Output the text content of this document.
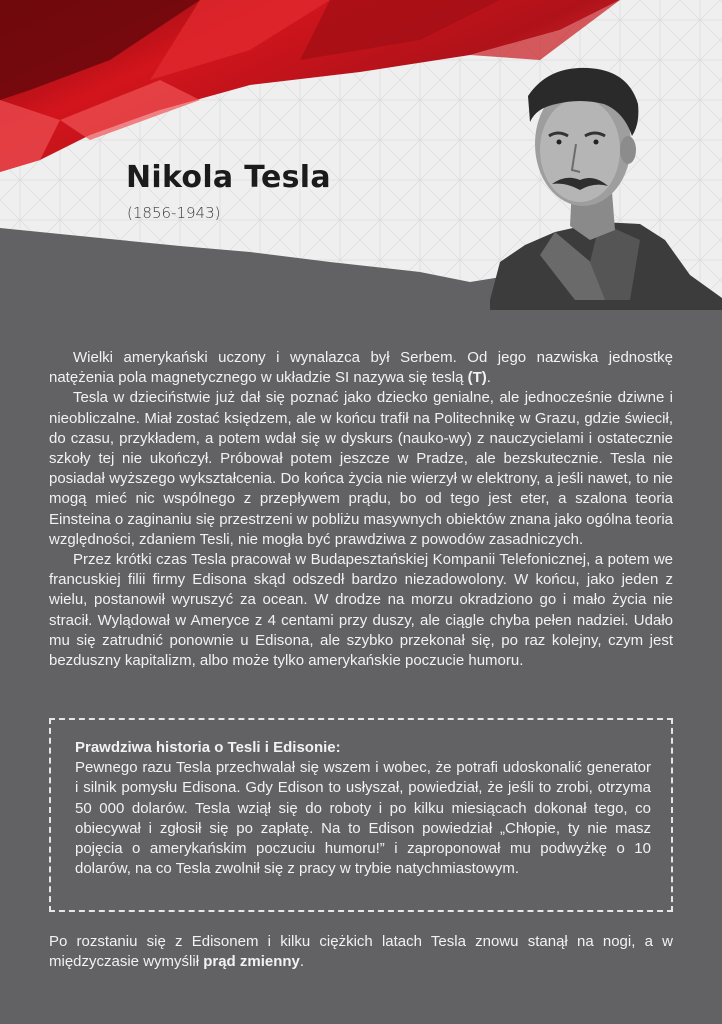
Nikola Tesla
(1856-1943)

Wielki amerykański uczony i wynalazca był Serbem. Od jego nazwiska jednostkę natężenia pola magnetycznego w układzie SI nazywa się teslą (T).

Tesla w dzieciństwie już dał się poznać jako dziecko genialne, ale jednocześnie dziwne i nieobliczalne. Miał zostać księdzem, ale w końcu trafił na Politechnikę w Grazu, gdzie świecił, do czasu, przykładem, a potem wdał się w dyskurs (nauko-wy) z nauczycielami i ostatecznie szkoły tej nie ukończył. Próbował potem jeszcze w Pradze, ale bezskutecznie. Tesla nie posiadał wyższego wykształcenia. Do końca życia nie wierzył w elektrony, a jeśli nawet, to nie mogą mieć nic wspólnego z przepływem prądu, bo od tego jest eter, a szalona teoria Einsteina o zaginaniu się przestrzeni w pobliżu masywnych obiektów znana jako ogólna teoria względności, zdaniem Tesli, nie mogła być prawdziwa z powodów zasadniczych.

Przez krótki czas Tesla pracował w Budapesztańskiej Kompanii Telefonicznej, a potem we francuskiej filii firmy Edisona skąd odszedł bardzo niezadowolony. W końcu, jako jeden z wielu, postanowił wyruszyć za ocean. W drodze na morzu okradziono go i mało życia nie stracił. Wylądował w Ameryce z 4 centami przy duszy, ale ciągle chyba pełen nadziei. Udało mu się zatrudnić ponownie u Edisona, ale szybko przekonał się, po raz kolejny, czym jest bezduszny kapitalizm, albo może tylko amerykańskie poczucie humoru.

Prawdziwa historia o Tesli i Edisonie:

Pewnego razu Tesla przechwalał się wszem i wobec, że potrafi udoskonalić generator i silnik pomysłu Edisona. Gdy Edison to usłyszał, powiedział, że jeśli to zrobi, otrzyma 50 000 dolarów. Tesla wziął się do roboty i po kilku miesiącach dokonał tego, co obiecywał i zgłosił się po zapłatę. Na to Edison powiedział „Chłopie, ty nie masz pojęcia o amerykańskim poczuciu humoru!” i zaproponował mu podwyżkę o 10 dolarów, na co Tesla zwolnił się z pracy w trybie natychmiastowym.

Po rozstaniu się z Edisonem i kilku ciężkich latach Tesla znowu stanął na nogi, a w międzyczasie wymyślił prąd zmienny.
